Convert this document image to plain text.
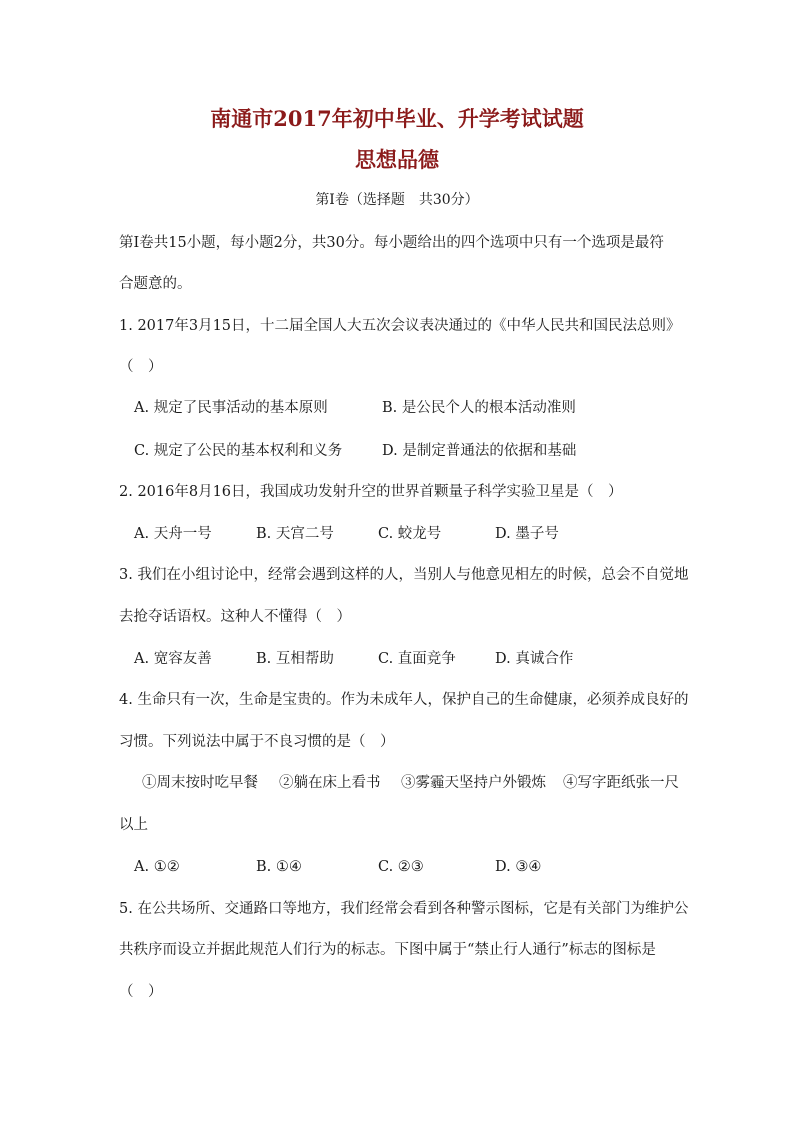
南通市2017年初中毕业、升学考试试题
思想品德
第Ⅰ卷（选择题　共30分）
第Ⅰ卷共15小题，每小题2分，共30分。每小题给出的四个选项中只有一个选项是最符
合题意的。
1. 2017年3月15日，十二届全国人大五次会议表决通过的《中华人民共和国民法总则》
（　）
A. 规定了民事活动的基本原则	B. 是公民个人的根本活动准则
C. 规定了公民的基本权利和义务	D. 是制定普通法的依据和基础
2. 2016年8月16日，我国成功发射升空的世界首颗量子科学实验卫星是（　）
A. 天舟一号	B. 天宫二号	C. 蛟龙号	D. 墨子号
3. 我们在小组讨论中，经常会遇到这样的人，当别人与他意见相左的时候，总会不自觉地
去抢夺话语权。这种人不懂得（　）
A. 宽容友善	B. 互相帮助	C. 直面竞争	D. 真诚合作
4. 生命只有一次，生命是宝贵的。作为未成年人，保护自己的生命健康，必须养成良好的
习惯。下列说法中属于不良习惯的是（　）
①周末按时吃早餐 ②躺在床上看书 ③雾霾天坚持户外锻炼 ④写字距纸张一尺
以上
A. ①②	B. ①④	C. ②③	D. ③④
5. 在公共场所、交通路口等地方，我们经常会看到各种警示图标，它是有关部门为维护公
共秩序而设立并据此规范人们行为的标志。下图中属于“禁止行人通行”标志的图标是
（　）
